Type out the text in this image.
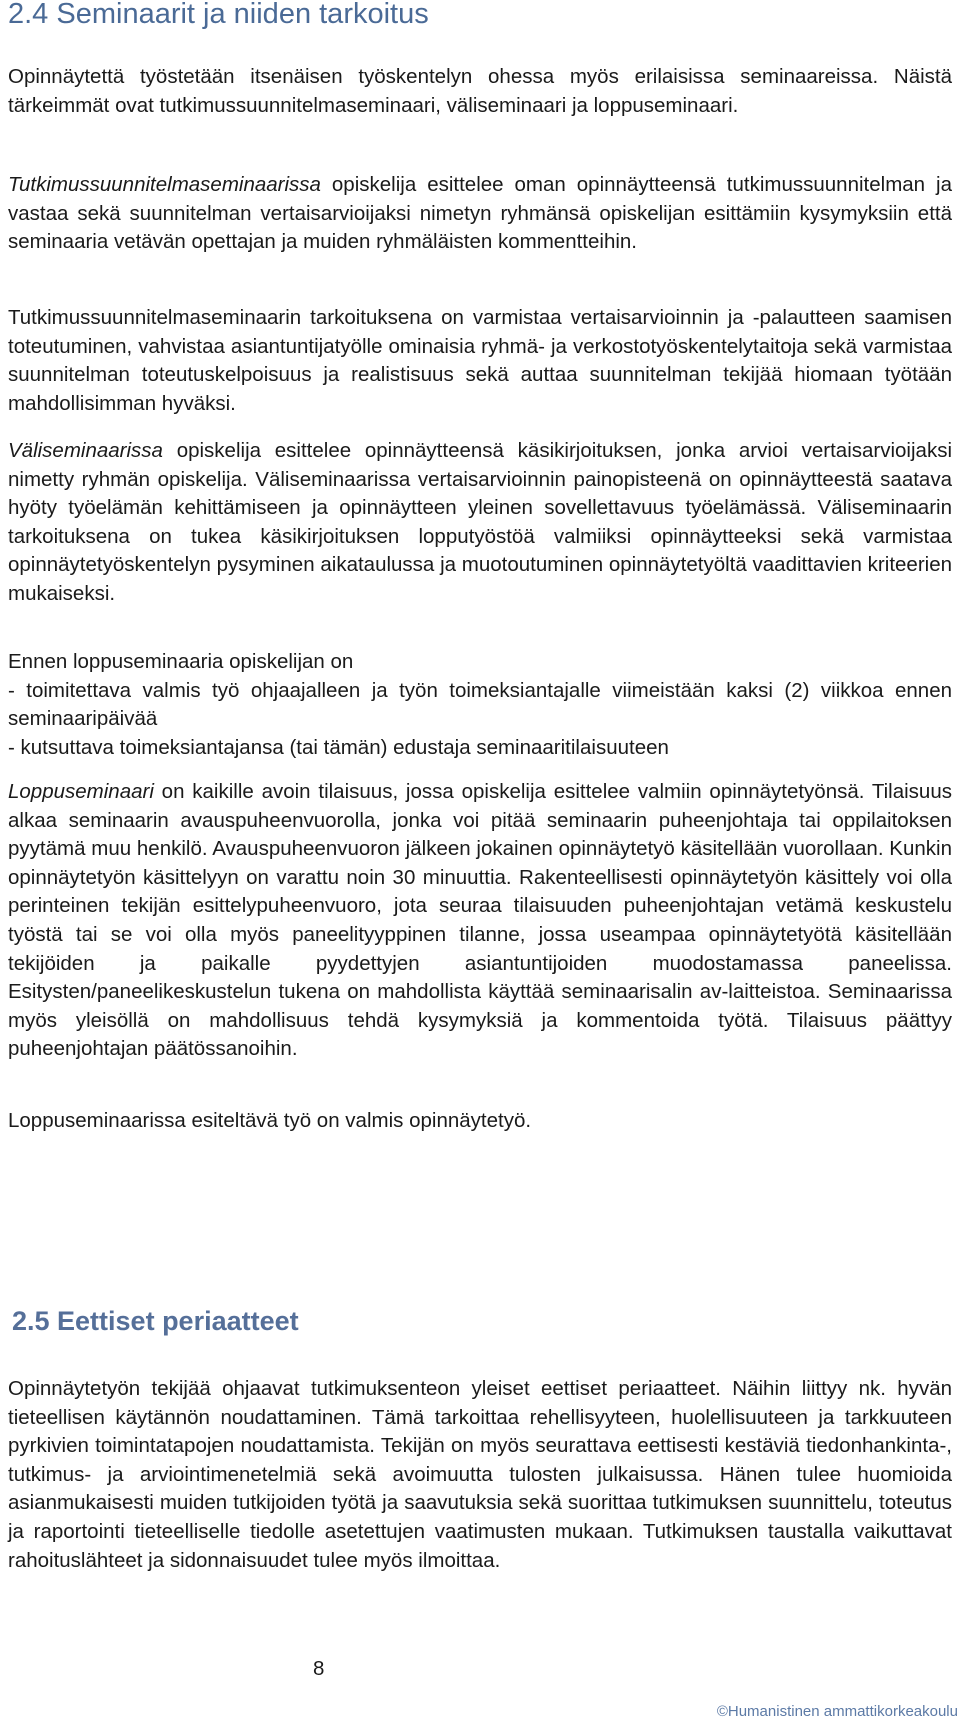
2.4 Seminaarit ja niiden tarkoitus

Opinnäytettä työstetään itsenäisen työskentelyn ohessa myös erilaisissa seminaareissa. Näistä tärkeimmät ovat tutkimussuunnitelmaseminaari, väliseminaari ja loppuseminaari.

Tutkimussuunnitelmaseminaarissa opiskelija esittelee oman opinnäytteensä tutkimussuunnitelman ja vastaa sekä suunnitelman vertaisarvioijaksi nimetyn ryhmänsä opiskelijan esittämiin kysymyksiin että seminaaria vetävän opettajan ja muiden ryhmäläisten kommentteihin.

Tutkimussuunnitelmaseminaarin tarkoituksena on varmistaa vertaisarvioinnin ja -palautteen saamisen toteutuminen, vahvistaa asiantuntijatyölle ominaisia ryhmä- ja verkostotyöskentelytaitoja sekä varmistaa suunnitelman toteutuskelpoisuus ja realistisuus sekä auttaa suunnitelman tekijää hiomaan työtään mahdollisimman hyväksi.

Väliseminaarissa opiskelija esittelee opinnäytteensä käsikirjoituksen, jonka arvioi vertaisarvioijaksi nimetty ryhmän opiskelija. Väliseminaarissa vertaisarvioinnin painopisteenä on opinnäytteestä saatava hyöty työelämän kehittämiseen ja opinnäytteen yleinen sovellettavuus työelämässä. Väliseminaarin tarkoituksena on tukea käsikirjoituksen lopputyöstöä valmiiksi opinnäytteeksi sekä varmistaa opinnäytetyöskentelyn pysyminen aikataulussa ja muotoutuminen opinnäytetyöltä vaadittavien kriteerien mukaiseksi.

Ennen loppuseminaaria opiskelijan on
- toimitettava valmis työ ohjaajalleen ja työn toimeksiantajalle viimeistään kaksi (2) viikkoa ennen seminaaripäivää
- kutsuttava toimeksiantajansa (tai tämän) edustaja seminaaritilaisuuteen

Loppuseminaari on kaikille avoin tilaisuus, jossa opiskelija esittelee valmiin opinnäytetyönsä. Tilaisuus alkaa seminaarin avauspuheenvuorolla, jonka voi pitää seminaarin puheenjohtaja tai oppilaitoksen pyytämä muu henkilö. Avauspuheenvuoron jälkeen jokainen opinnäytetyö käsitellään vuorollaan. Kunkin opinnäytetyön käsittelyyn on varattu noin 30 minuuttia. Rakenteellisesti opinnäytetyön käsittely voi olla perinteinen tekijän esittelypuheenvuoro, jota seuraa tilaisuuden puheenjohtajan vetämä keskustelu työstä tai se voi olla myös paneelityyppinen tilanne, jossa useampaa opinnäytetyötä käsitellään tekijöiden ja paikalle pyydettyjen asiantuntijoiden muodostamassa paneelissa. Esitysten/paneelikeskustelun tukena on mahdollista käyttää seminaarisalin av-laitteistoa. Seminaarissa myös yleisöllä on mahdollisuus tehdä kysymyksiä ja kommentoida työtä. Tilaisuus päättyy puheenjohtajan päätössanoihin.

Loppuseminaarissa esiteltävä työ on valmis opinnäytetyö.

2.5 Eettiset periaatteet

Opinnäytetyön tekijää ohjaavat tutkimuksenteon yleiset eettiset periaatteet. Näihin liittyy nk. hyvän tieteellisen käytännön noudattaminen. Tämä tarkoittaa rehellisyyteen, huolellisuuteen ja tarkkuuteen pyrkivien toimintatapojen noudattamista. Tekijän on myös seurattava eettisesti kestäviä tiedonhankinta-, tutkimus- ja arviointimenetelmiä sekä avoimuutta tulosten julkaisussa. Hänen tulee huomioida asianmukaisesti muiden tutkijoiden työtä ja saavutuksia sekä suorittaa tutkimuksen suunnittelu, toteutus ja raportointi tieteelliselle tiedolle asetettujen vaatimusten mukaan. Tutkimuksen taustalla vaikuttavat rahoituslähteet ja sidonnaisuudet tulee myös ilmoittaa.

8
©Humanistinen ammattikorkeakoulu
